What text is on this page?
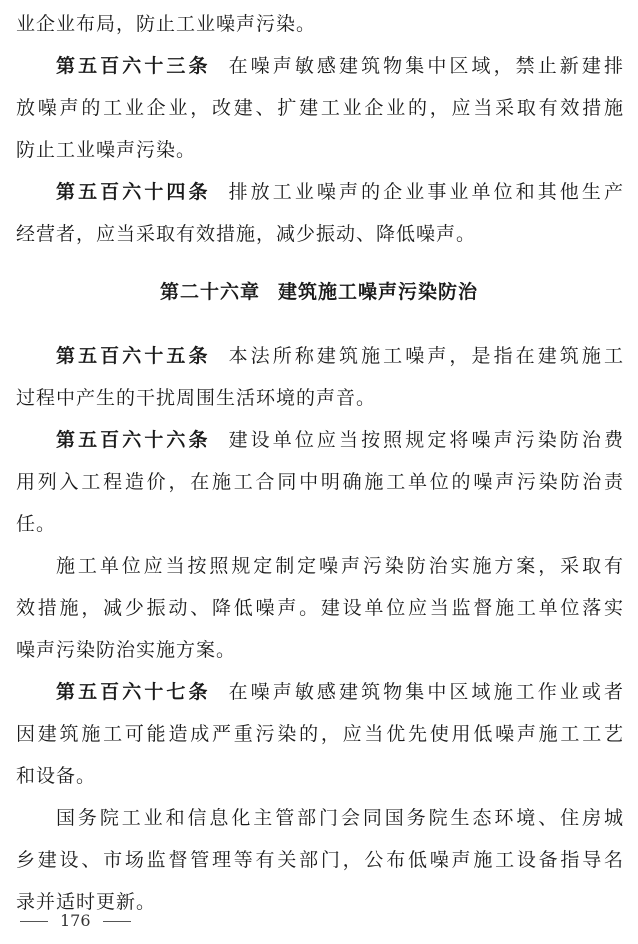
业企业布局，防止工业噪声污染。
第五百六十三条 在噪声敏感建筑物集中区域，禁止新建排
放噪声的工业企业，改建、扩建工业企业的，应当采取有效措施
防止工业噪声污染。
第五百六十四条 排放工业噪声的企业事业单位和其他生产
经营者，应当采取有效措施，减少振动、降低噪声。
第二十六章 建筑施工噪声污染防治
第五百六十五条 本法所称建筑施工噪声，是指在建筑施工
过程中产生的干扰周围生活环境的声音。
第五百六十六条 建设单位应当按照规定将噪声污染防治费
用列入工程造价，在施工合同中明确施工单位的噪声污染防治责
任。
施工单位应当按照规定制定噪声污染防治实施方案，采取有
效措施，减少振动、降低噪声。建设单位应当监督施工单位落实
噪声污染防治实施方案。
第五百六十七条 在噪声敏感建筑物集中区域施工作业或者
因建筑施工可能造成严重污染的，应当优先使用低噪声施工工艺
和设备。
国务院工业和信息化主管部门会同国务院生态环境、住房城
乡建设、市场监督管理等有关部门，公布低噪声施工设备指导名
录并适时更新。
176
